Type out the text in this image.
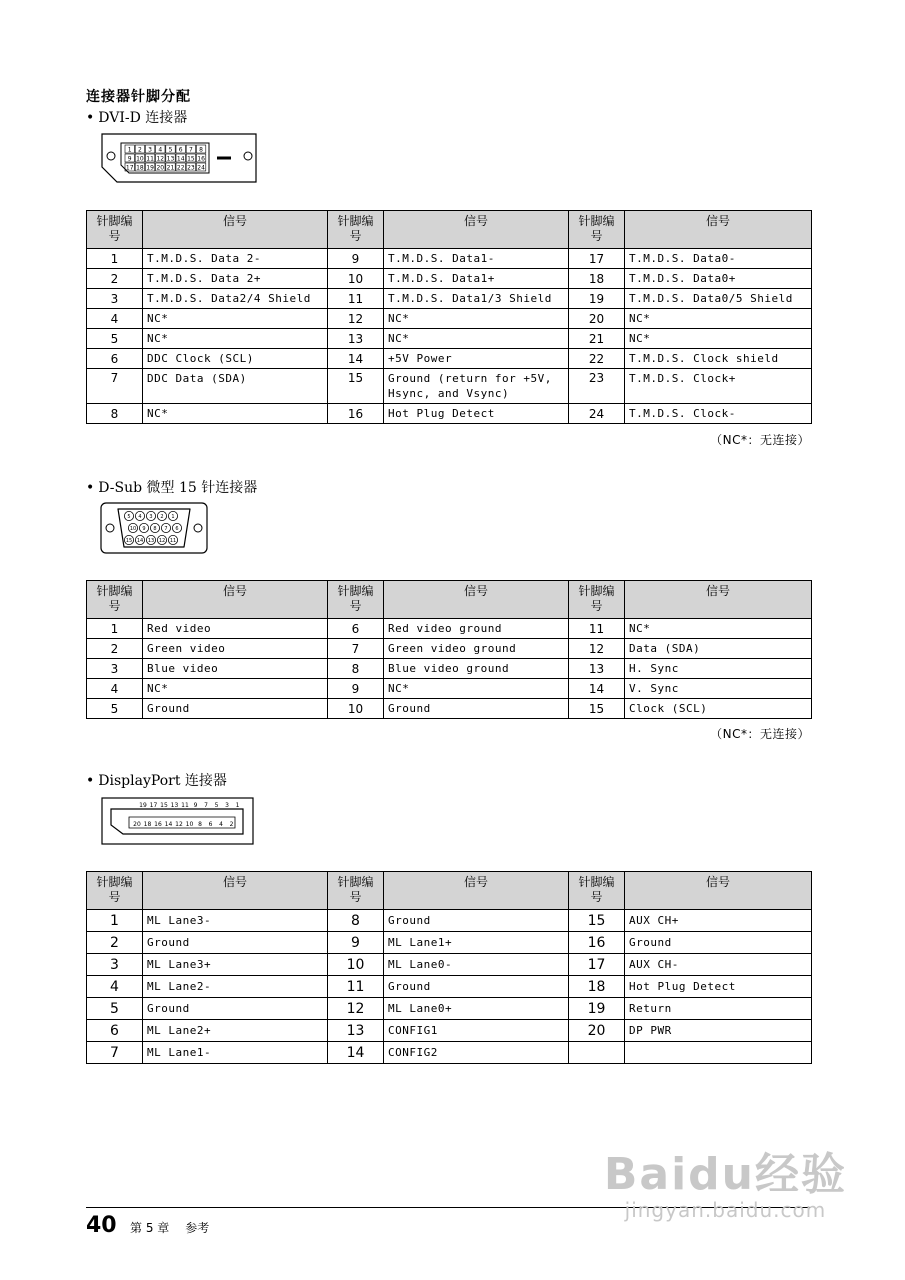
连接器针脚分配
• DVI-D 连接器
1 2 3 4 5 6 7 8
9 10 11 12 13 14 15 16
17 18 19 20 21 22 23 24
针脚编号	信号	针脚编号	信号	针脚编号	信号
1	T.M.D.S. Data 2-	9	T.M.D.S. Data1-	17	T.M.D.S. Data0-
2	T.M.D.S. Data 2+	10	T.M.D.S. Data1+	18	T.M.D.S. Data0+
3	T.M.D.S. Data2/4 Shield	11	T.M.D.S. Data1/3 Shield	19	T.M.D.S. Data0/5 Shield
4	NC*	12	NC*	20	NC*
5	NC*	13	NC*	21	NC*
6	DDC Clock (SCL)	14	+5V Power	22	T.M.D.S. Clock shield
7	DDC Data (SDA)	15	Ground (return for +5V, Hsync, and Vsync)	23	T.M.D.S. Clock+
8	NC*	16	Hot Plug Detect	24	T.M.D.S. Clock-
（NC*：无连接）
• D-Sub 微型 15 针连接器
5 4 3 2 1
10 9 8 7 6
15 14 13 12 11
针脚编号	信号	针脚编号	信号	针脚编号	信号
1	Red video	6	Red video ground	11	NC*
2	Green video	7	Green video ground	12	Data (SDA)
3	Blue video	8	Blue video ground	13	H. Sync
4	NC*	9	NC*	14	V. Sync
5	Ground	10	Ground	15	Clock (SCL)
（NC*：无连接）
• DisplayPort 连接器
19 17 15 13 11 9 7 5 3 1
20 18 16 14 12 10 8 6 4 2
针脚编号	信号	针脚编号	信号	针脚编号	信号
1	ML Lane3-	8	Ground	15	AUX CH+
2	Ground	9	ML Lane1+	16	Ground
3	ML Lane3+	10	ML Lane0-	17	AUX CH-
4	ML Lane2-	11	Ground	18	Hot Plug Detect
5	Ground	12	ML Lane0+	19	Return
6	ML Lane2+	13	CONFIG1	20	DP PWR
7	ML Lane1-	14	CONFIG2		
40 第 5 章 参考
Baidu经验
jingyan.baidu.com
